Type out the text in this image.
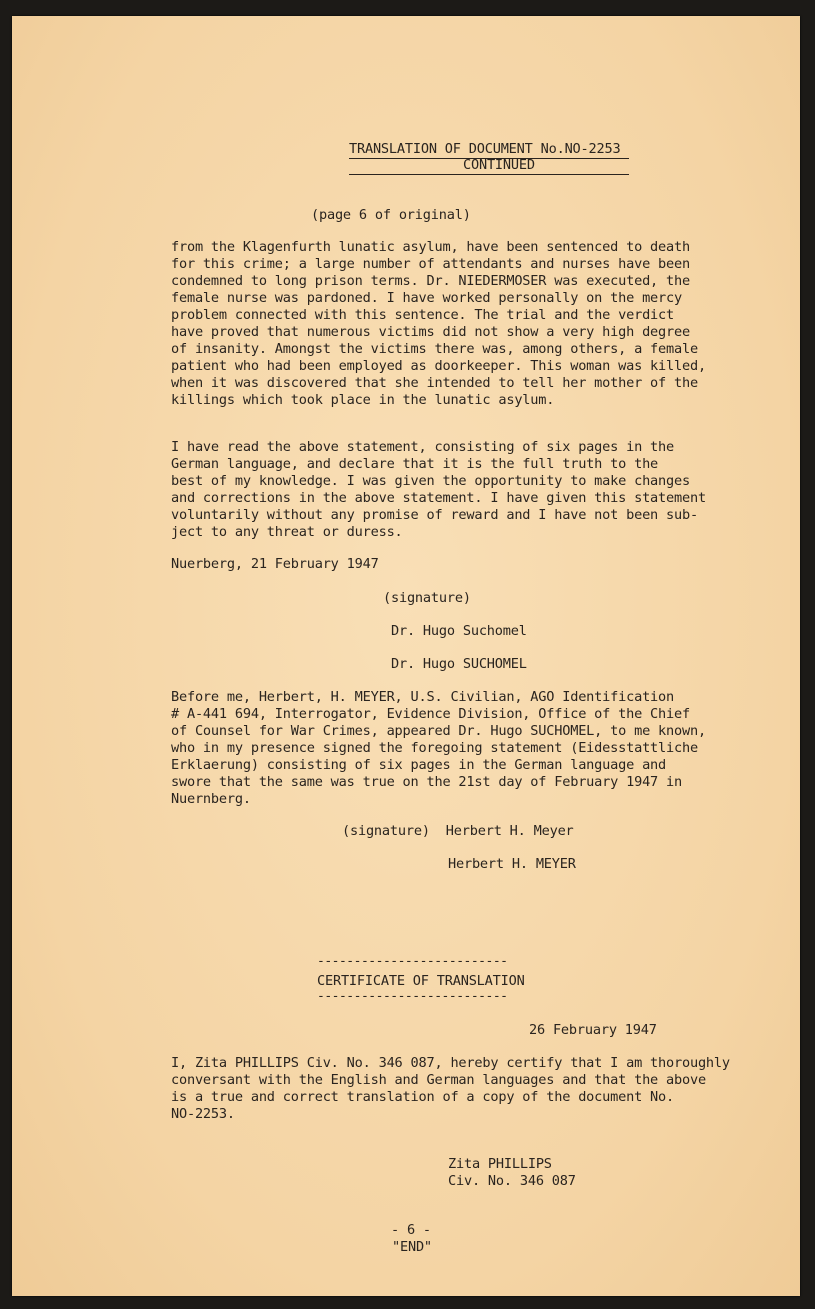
TRANSLATION OF DOCUMENT No.NO-2253
CONTINUED
(page 6 of original)
from the Klagenfurth lunatic asylum, have been sentenced to death
for this crime; a large number of attendants and nurses have been
condemned to long prison terms. Dr. NIEDERMOSER was executed, the
female nurse was pardoned. I have worked personally on the mercy
problem connected with this sentence. The trial and the verdict
have proved that numerous victims did not show a very high degree
of insanity. Amongst the victims there was, among others, a female
patient who had been employed as doorkeeper. This woman was killed,
when it was discovered that she intended to tell her mother of the
killings which took place in the lunatic asylum.
I have read the above statement, consisting of six pages in the
German language, and declare that it is the full truth to the
best of my knowledge. I was given the opportunity to make changes
and corrections in the above statement. I have given this statement
voluntarily without any promise of reward and I have not been sub-
ject to any threat or duress.
Nuerberg, 21 February 1947
(signature)
Dr. Hugo Suchomel
Dr. Hugo SUCHOMEL
Before me, Herbert, H. MEYER, U.S. Civilian, AGO Identification
# A-441 694, Interrogator, Evidence Division, Office of the Chief
of Counsel for War Crimes, appeared Dr. Hugo SUCHOMEL, to me known,
who in my presence signed the foregoing statement (Eidesstattliche
Erklaerung) consisting of six pages in the German language and
swore that the same was true on the 21st day of February 1947 in
Nuernberg.
(signature)  Herbert H. Meyer
Herbert H. MEYER
--------------------------
CERTIFICATE OF TRANSLATION
--------------------------
26 February 1947
I, Zita PHILLIPS Civ. No. 346 087, hereby certify that I am thoroughly
conversant with the English and German languages and that the above
is a true and correct translation of a copy of the document No.
NO-2253.
Zita PHILLIPS
Civ. No. 346 087
- 6 -
"END"
